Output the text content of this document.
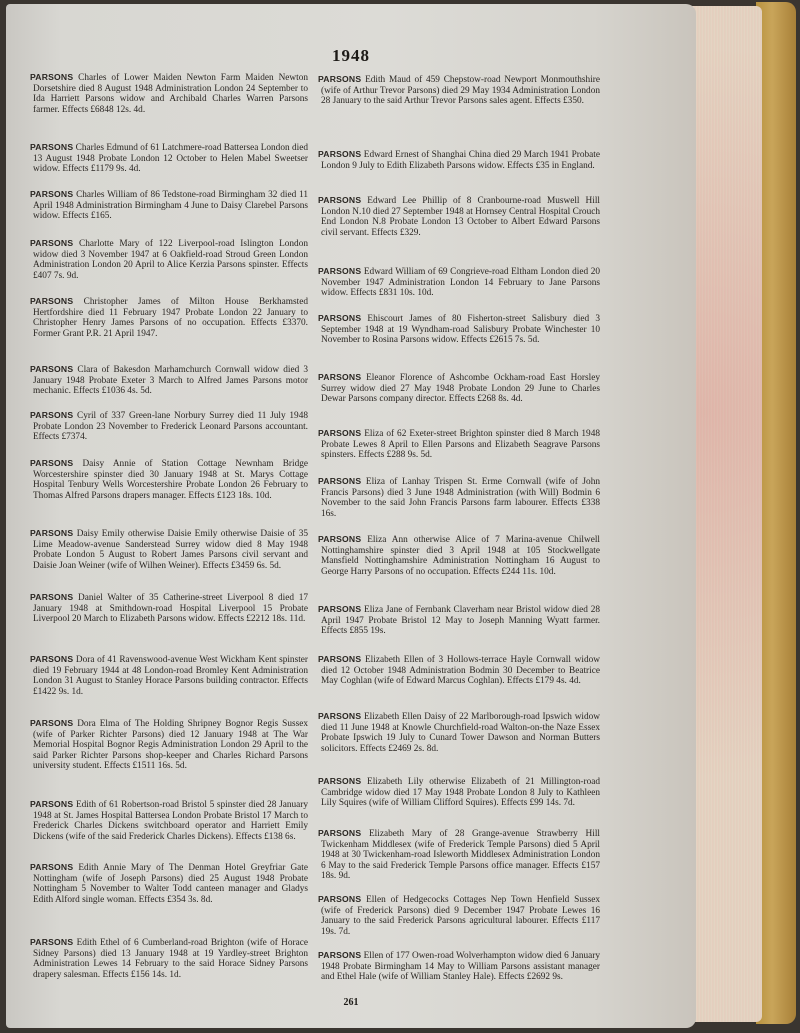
1948

PARSONS Charles of Lower Maiden Newton Farm Maiden Newton Dorsetshire died 8 August 1948 Administration London 24 September to Ida Harriett Parsons widow and Archibald Charles Warren Parsons farmer. Effects £6848 12s. 4d.

PARSONS Charles Edmund of 61 Latchmere-road Battersea London died 13 August 1948 Probate London 12 October to Helen Mabel Sweetser widow. Effects £1179 9s. 4d.

PARSONS Charles William of 86 Tedstone-road Birmingham 32 died 11 April 1948 Administration Birmingham 4 June to Daisy Clarebel Parsons widow. Effects £165.

PARSONS Charlotte Mary of 122 Liverpool-road Islington London widow died 3 November 1947 at 6 Oakfield-road Stroud Green London Administration London 20 April to Alice Kerzia Parsons spinster. Effects £407 7s. 9d.

PARSONS Christopher James of Milton House Berkhamsted Hertfordshire died 11 February 1947 Probate London 22 January to Christopher Henry James Parsons of no occupation. Effects £3370. Former Grant P.R. 21 April 1947.

PARSONS Clara of Bakesdon Marhamchurch Cornwall widow died 3 January 1948 Probate Exeter 3 March to Alfred James Parsons motor mechanic. Effects £1036 4s. 5d.

PARSONS Cyril of 337 Green-lane Norbury Surrey died 11 July 1948 Probate London 23 November to Frederick Leonard Parsons accountant. Effects £7374.

PARSONS Daisy Annie of Station Cottage Newnham Bridge Worcestershire spinster died 30 January 1948 at St. Marys Cottage Hospital Tenbury Wells Worcestershire Probate London 26 February to Thomas Alfred Parsons drapers manager. Effects £123 18s. 10d.

PARSONS Daisy Emily otherwise Daisie Emily otherwise Daisie of 35 Lime Meadow-avenue Sanderstead Surrey widow died 8 May 1948 Probate London 5 August to Robert James Parsons civil servant and Daisie Joan Weiner (wife of Wilhen Weiner). Effects £3459 6s. 5d.

PARSONS Daniel Walter of 35 Catherine-street Liverpool 8 died 17 January 1948 at Smithdown-road Hospital Liverpool 15 Probate Liverpool 20 March to Elizabeth Parsons widow. Effects £2212 18s. 11d.

PARSONS Dora of 41 Ravenswood-avenue West Wickham Kent spinster died 19 February 1944 at 48 London-road Bromley Kent Administration London 31 August to Stanley Horace Parsons building contractor. Effects £1422 9s. 1d.

PARSONS Dora Elma of The Holding Shripney Bognor Regis Sussex (wife of Parker Richter Parsons) died 12 January 1948 at The War Memorial Hospital Bognor Regis Administration London 29 April to the said Parker Richter Parsons shop-keeper and Charles Richard Parsons university student. Effects £1511 16s. 5d.

PARSONS Edith of 61 Robertson-road Bristol 5 spinster died 28 January 1948 at St. James Hospital Battersea London Probate Bristol 17 March to Frederick Charles Dickens switchboard operator and Harriett Emily Dickens (wife of the said Frederick Charles Dickens). Effects £138 6s.

PARSONS Edith Annie Mary of The Denman Hotel Greyfriar Gate Nottingham (wife of Joseph Parsons) died 25 August 1948 Probate Nottingham 5 November to Walter Todd canteen manager and Gladys Edith Alford single woman. Effects £354 3s. 8d.

PARSONS Edith Ethel of 6 Cumberland-road Brighton (wife of Horace Sidney Parsons) died 13 January 1948 at 19 Yardley-street Brighton Administration Lewes 14 February to the said Horace Sidney Parsons drapery salesman. Effects £156 14s. 1d.

PARSONS Edith Maud of 459 Chepstow-road Newport Monmouthshire (wife of Arthur Trevor Parsons) died 29 May 1934 Administration London 28 January to the said Arthur Trevor Parsons sales agent. Effects £350.

PARSONS Edward Ernest of Shanghai China died 29 March 1941 Probate London 9 July to Edith Elizabeth Parsons widow. Effects £35 in England.

PARSONS Edward Lee Phillip of 8 Cranbourne-road Muswell Hill London N.10 died 27 September 1948 at Hornsey Central Hospital Crouch End London N.8 Probate London 13 October to Albert Edward Parsons civil servant. Effects £329.

PARSONS Edward William of 69 Congrieve-road Eltham London died 20 November 1947 Administration London 14 February to Jane Parsons widow. Effects £831 10s. 10d.

PARSONS Ehiscourt James of 80 Fisherton-street Salisbury died 3 September 1948 at 19 Wyndham-road Salisbury Probate Winchester 10 November to Rosina Parsons widow. Effects £2615 7s. 5d.

PARSONS Eleanor Florence of Ashcombe Ockham-road East Horsley Surrey widow died 27 May 1948 Probate London 29 June to Charles Dewar Parsons company director. Effects £268 8s. 4d.

PARSONS Eliza of 62 Exeter-street Brighton spinster died 8 March 1948 Probate Lewes 8 April to Ellen Parsons and Elizabeth Seagrave Parsons spinsters. Effects £288 9s. 5d.

PARSONS Eliza of Lanhay Trispen St. Erme Cornwall (wife of John Francis Parsons) died 3 June 1948 Administration (with Will) Bodmin 6 November to the said John Francis Parsons farm labourer. Effects £338 16s.

PARSONS Eliza Ann otherwise Alice of 7 Marina-avenue Chilwell Nottinghamshire spinster died 3 April 1948 at 105 Stockwellgate Mansfield Nottinghamshire Administration Nottingham 16 August to George Harry Parsons of no occupation. Effects £244 11s. 10d.

PARSONS Eliza Jane of Fernbank Claverham near Bristol widow died 28 April 1947 Probate Bristol 12 May to Joseph Manning Wyatt farmer. Effects £855 19s.

PARSONS Elizabeth Ellen of 3 Hollows-terrace Hayle Cornwall widow died 12 October 1948 Administration Bodmin 30 December to Beatrice May Coghlan (wife of Edward Marcus Coghlan). Effects £179 4s. 4d.

PARSONS Elizabeth Ellen Daisy of 22 Marlborough-road Ipswich widow died 11 June 1948 at Knowle Churchfield-road Walton-on-the Naze Essex Probate Ipswich 19 July to Cunard Tower Dawson and Norman Butters solicitors. Effects £2469 2s. 8d.

PARSONS Elizabeth Lily otherwise Elizabeth of 21 Millington-road Cambridge widow died 17 May 1948 Probate London 8 July to Kathleen Lily Squires (wife of William Clifford Squires). Effects £99 14s. 7d.

PARSONS Elizabeth Mary of 28 Grange-avenue Strawberry Hill Twickenham Middlesex (wife of Frederick Temple Parsons) died 5 April 1948 at 30 Twickenham-road Isleworth Middlesex Administration London 6 May to the said Frederick Temple Parsons office manager. Effects £157 18s. 9d.

PARSONS Ellen of Hedgecocks Cottages Nep Town Henfield Sussex (wife of Frederick Parsons) died 9 December 1947 Probate Lewes 16 January to the said Frederick Parsons agricultural labourer. Effects £117 19s. 7d.

PARSONS Ellen of 177 Owen-road Wolverhampton widow died 6 January 1948 Probate Birmingham 14 May to William Parsons assistant manager and Ethel Hale (wife of William Stanley Hale). Effects £2692 9s.

261
